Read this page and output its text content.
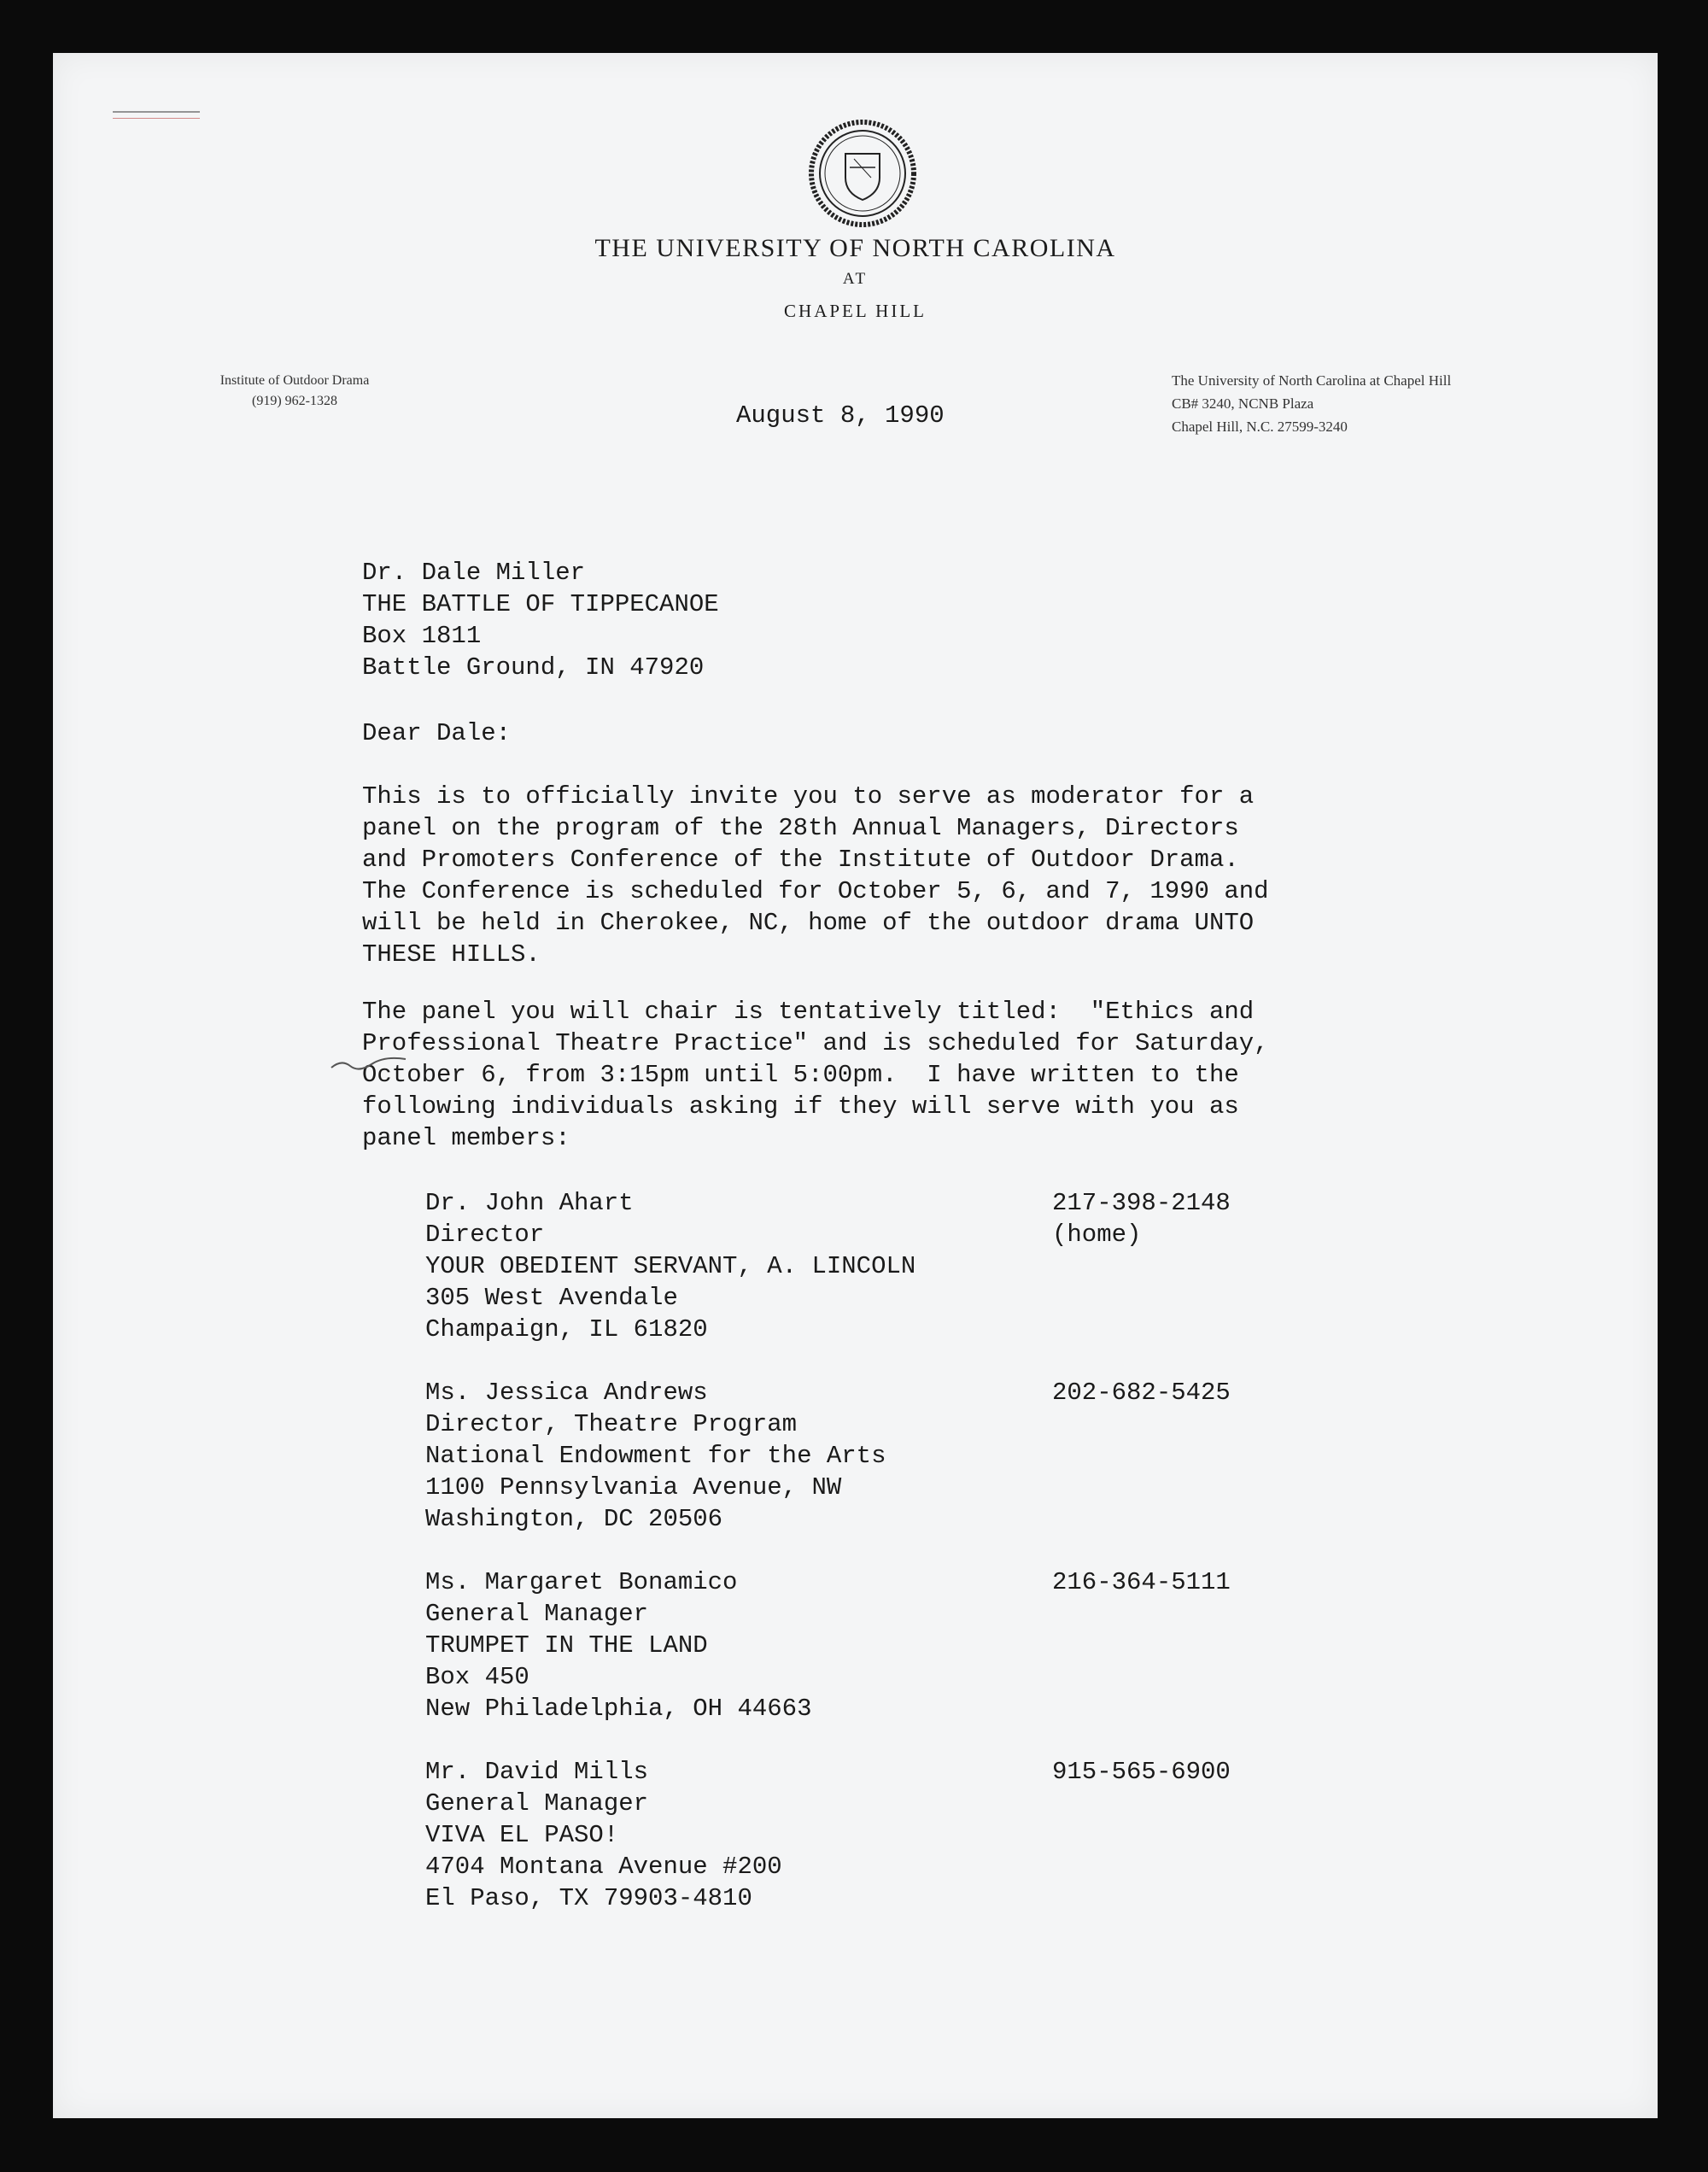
THE UNIVERSITY OF NORTH CAROLINA
AT
CHAPEL HILL
Institute of Outdoor Drama
(919) 962-1328
The University of North Carolina at Chapel Hill
CB# 3240, NCNB Plaza
Chapel Hill, N.C. 27599-3240
August 8, 1990
Dr. Dale Miller
THE BATTLE OF TIPPECANOE
Box 1811
Battle Ground, IN 47920
Dear Dale:
This is to officially invite you to serve as moderator for a
panel on the program of the 28th Annual Managers, Directors
and Promoters Conference of the Institute of Outdoor Drama.
The Conference is scheduled for October 5, 6, and 7, 1990 and
will be held in Cherokee, NC, home of the outdoor drama UNTO
THESE HILLS.
The panel you will chair is tentatively titled:  "Ethics and
Professional Theatre Practice" and is scheduled for Saturday,
October 6, from 3:15pm until 5:00pm.  I have written to the
following individuals asking if they will serve with you as
panel members:
Dr. John Ahart
Director
YOUR OBEDIENT SERVANT, A. LINCOLN
305 West Avendale
Champaign, IL 61820
217-398-2148
(home)
Ms. Jessica Andrews
Director, Theatre Program
National Endowment for the Arts
1100 Pennsylvania Avenue, NW
Washington, DC 20506
202-682-5425
Ms. Margaret Bonamico
General Manager
TRUMPET IN THE LAND
Box 450
New Philadelphia, OH 44663
216-364-5111
Mr. David Mills
General Manager
VIVA EL PASO!
4704 Montana Avenue #200
El Paso, TX 79903-4810
915-565-6900
